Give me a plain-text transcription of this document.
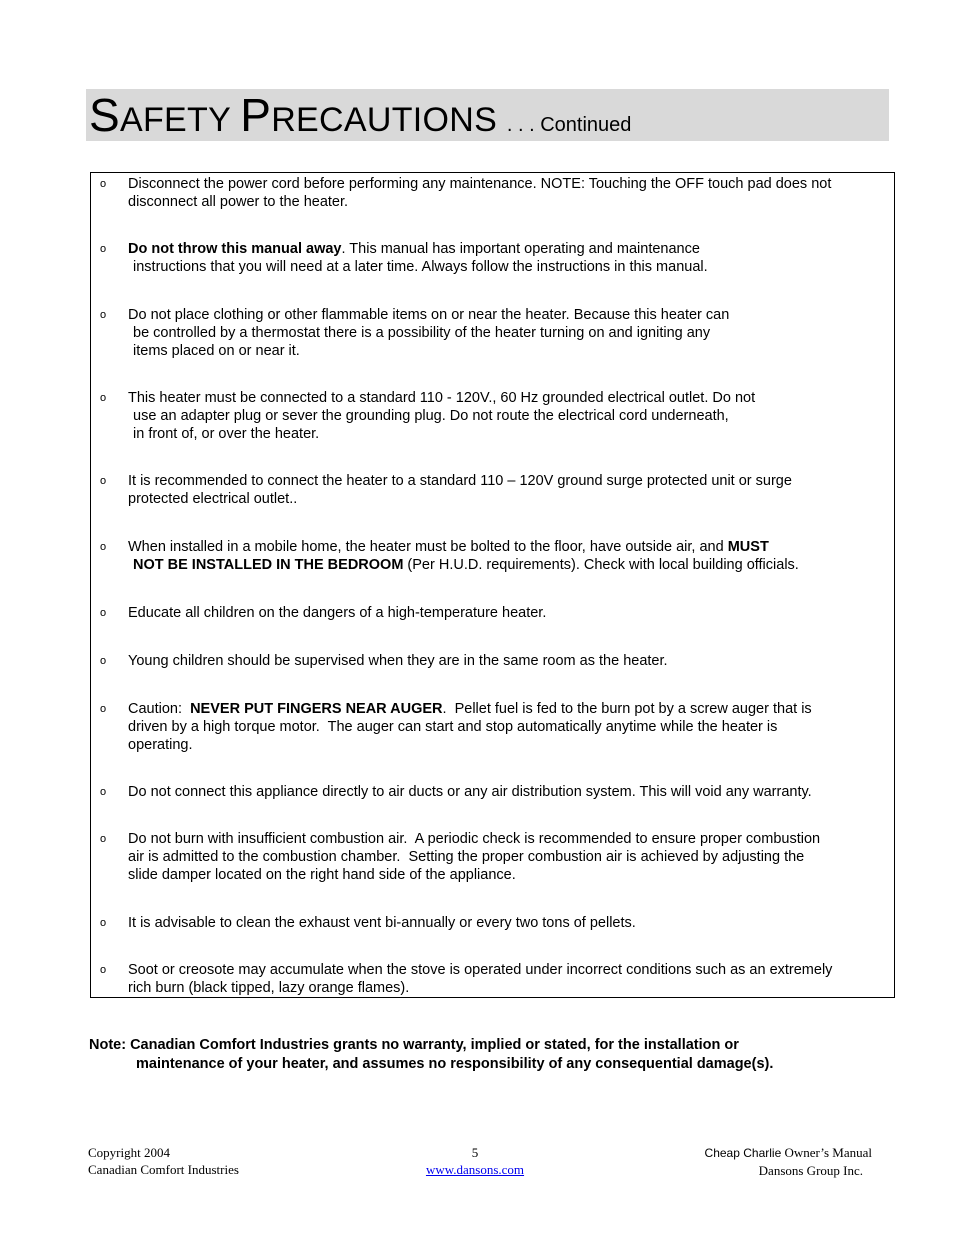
SAFETY PRECAUTIONS . . . Continued
o Disconnect the power cord before performing any maintenance. NOTE: Touching the OFF touch pad does not
disconnect all power to the heater.
o Do not throw this manual away. This manual has important operating and maintenance
instructions that you will need at a later time. Always follow the instructions in this manual.
o Do not place clothing or other flammable items on or near the heater. Because this heater can
be controlled by a thermostat there is a possibility of the heater turning on and igniting any
items placed on or near it.
o This heater must be connected to a standard 110 - 120V., 60 Hz grounded electrical outlet. Do not
use an adapter plug or sever the grounding plug. Do not route the electrical cord underneath,
in front of, or over the heater.
o It is recommended to connect the heater to a standard 110 – 120V ground surge protected unit or surge
protected electrical outlet..
o When installed in a mobile home, the heater must be bolted to the floor, have outside air, and MUST
NOT BE INSTALLED IN THE BEDROOM (Per H.U.D. requirements). Check with local building officials.
o Educate all children on the dangers of a high-temperature heater.
o Young children should be supervised when they are in the same room as the heater.
o Caution:  NEVER PUT FINGERS NEAR AUGER.  Pellet fuel is fed to the burn pot by a screw auger that is
driven by a high torque motor.  The auger can start and stop automatically anytime while the heater is
operating.
o Do not connect this appliance directly to air ducts or any air distribution system. This will void any warranty.
o Do not burn with insufficient combustion air.  A periodic check is recommended to ensure proper combustion
air is admitted to the combustion chamber.  Setting the proper combustion air is achieved by adjusting the
slide damper located on the right hand side of the appliance.
o It is advisable to clean the exhaust vent bi-annually or every two tons of pellets.
o Soot or creosote may accumulate when the stove is operated under incorrect conditions such as an extremely
rich burn (black tipped, lazy orange flames).
Note: Canadian Comfort Industries grants no warranty, implied or stated, for the installation or
maintenance of your heater, and assumes no responsibility of any consequential damage(s).
Copyright 2004
Canadian Comfort Industries
5
www.dansons.com
Cheap Charlie Owner’s Manual
Dansons Group Inc.
